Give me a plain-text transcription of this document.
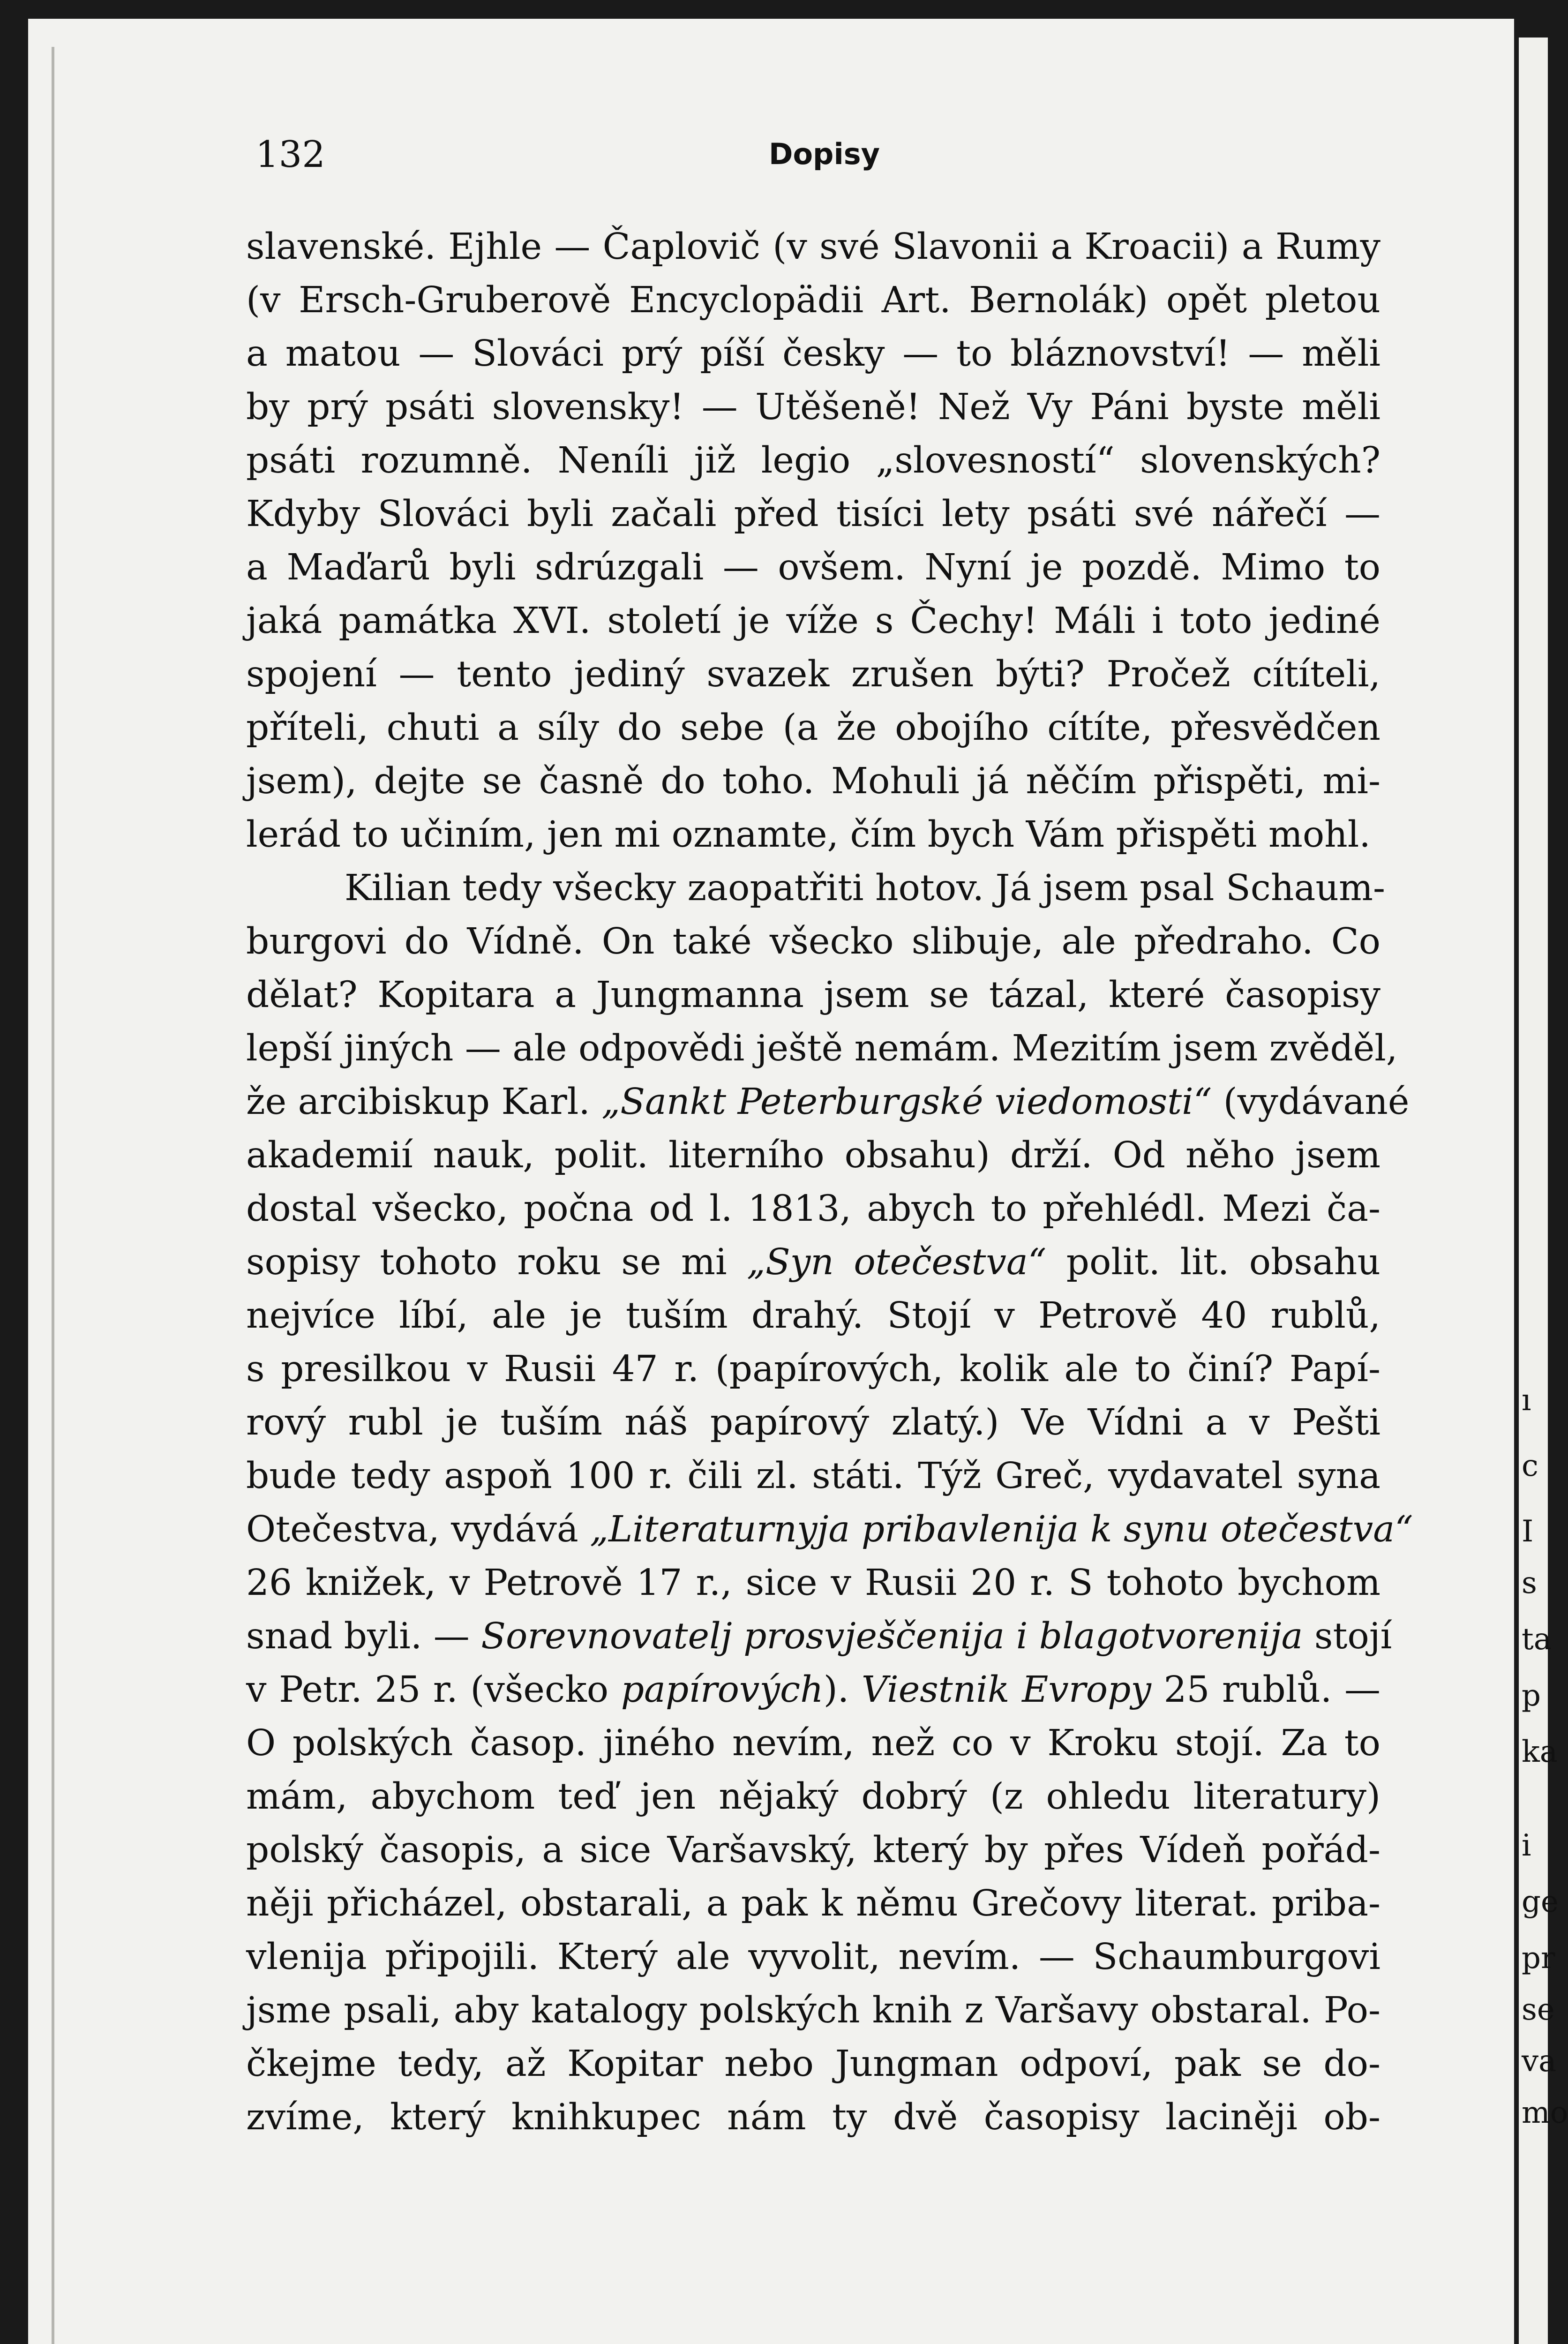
132	Dopisy
slavenské. Ejhle — Čaplovič (v své Slavonii a Kroacii) a Rumy
(v Ersch-Gruberově Encyclopädii Art. Bernolák) opět pletou
a matou — Slováci prý píší česky — to bláznovství! — měli
by prý psáti slovensky! — Utěšeně! Než Vy Páni byste měli
psáti rozumně. Neníli již legio „slovesností“ slovenských?
Kdyby Slováci byli začali před tisíci lety psáti své nářečí —
a Maďarů byli sdrúzgali — ovšem. Nyní je pozdě. Mimo to
jaká památka XVI. století je víže s Čechy! Máli i toto jediné
spojení — tento jediný svazek zrušen býti? Pročež cítíteli,
příteli, chuti a síly do sebe (a že obojího cítíte, přesvědčen
jsem), dejte se časně do toho. Mohuli já něčím přispěti, mi-
lerád to učiním, jen mi oznamte, čím bych Vám přispěti mohl.
Kilian tedy všecky zaopatřiti hotov. Já jsem psal Schaum-
burgovi do Vídně. On také všecko slibuje, ale předraho. Co
dělat? Kopitara a Jungmanna jsem se tázal, které časopisy
lepší jiných — ale odpovědi ještě nemám. Mezitím jsem zvěděl,
že arcibiskup Karl. „Sankt Peterburgské viedomosti“ (vydávané
akademií nauk, polit. literního obsahu) drží. Od něho jsem
dostal všecko, počna od l. 1813, abych to přehlédl. Mezi ča-
sopisy tohoto roku se mi „Syn otečestva“ polit. lit. obsahu
nejvíce líbí, ale je tuším drahý. Stojí v Petrově 40 rublů,
s presilkou v Rusii 47 r. (papírových, kolik ale to činí? Papí-
rový rubl je tuším náš papírový zlatý.) Ve Vídni a v Pešti
bude tedy aspoň 100 r. čili zl. státi. Týž Greč, vydavatel syna
Otečestva, vydává „Literaturnyja pribavlenija k synu otečestva“
26 knižek, v Petrově 17 r., sice v Rusii 20 r. S tohoto bychom
snad byli. — Sorevnovatelj prosvješčenija i blagotvorenija stojí
v Petr. 25 r. (všecko papírových). Viestnik Evropy 25 rublů. —
O polských časop. jiného nevím, než co v Kroku stojí. Za to
mám, abychom teď jen nějaký dobrý (z ohledu literatury)
polský časopis, a sice Varšavský, který by přes Vídeň pořád-
něji přicházel, obstarali, a pak k němu Grečovy literat. priba-
vlenija připojili. Který ale vyvolit, nevím. — Schaumburgovi
jsme psali, aby katalogy polských knih z Varšavy obstaral. Po-
čkejme tedy, až Kopitar nebo Jungman odpoví, pak se do-
zvíme, který knihkupec nám ty dvě časopisy laciněji ob-
ı
c
I
s
ta
p
ka
i
ge
pr
se
va
mo
